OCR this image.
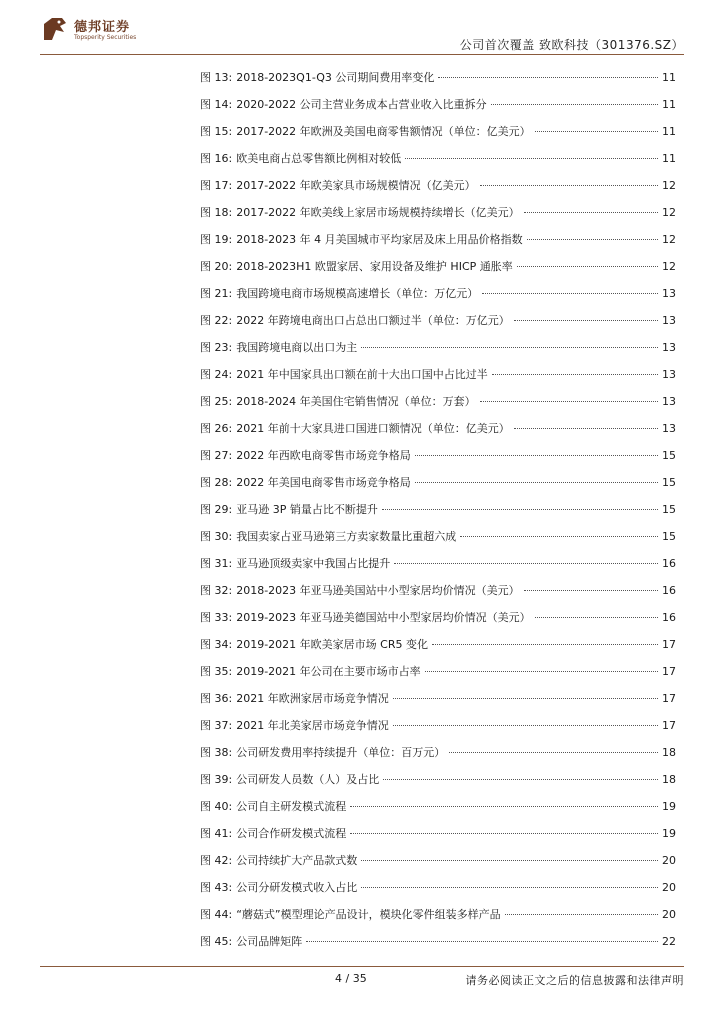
德邦证券
Topsperity Securities
公司首次覆盖 致欧科技（301376.SZ）
图 13: 2018-2023Q1-Q3 公司期间费用率变化	11
图 14: 2020-2022 公司主营业务成本占营业收入比重拆分	11
图 15: 2017-2022 年欧洲及美国电商零售额情况（单位：亿美元）	11
图 16: 欧美电商占总零售额比例相对较低	11
图 17: 2017-2022 年欧美家具市场规模情况（亿美元）	12
图 18: 2017-2022 年欧美线上家居市场规模持续增长（亿美元）	12
图 19: 2018-2023 年 4 月美国城市平均家居及床上用品价格指数	12
图 20: 2018-2023H1 欧盟家居、家用设备及维护 HICP 通胀率	12
图 21: 我国跨境电商市场规模高速增长（单位：万亿元）	13
图 22: 2022 年跨境电商出口占总出口额过半（单位：万亿元）	13
图 23: 我国跨境电商以出口为主	13
图 24: 2021 年中国家具出口额在前十大出口国中占比过半	13
图 25: 2018-2024 年美国住宅销售情况（单位：万套）	13
图 26: 2021 年前十大家具进口国进口额情况（单位：亿美元）	13
图 27: 2022 年西欧电商零售市场竞争格局	15
图 28: 2022 年美国电商零售市场竞争格局	15
图 29: 亚马逊 3P 销量占比不断提升	15
图 30: 我国卖家占亚马逊第三方卖家数量比重超六成	15
图 31: 亚马逊顶级卖家中我国占比提升	16
图 32: 2018-2023 年亚马逊美国站中小型家居均价情况（美元）	16
图 33: 2019-2023 年亚马逊美德国站中小型家居均价情况（美元）	16
图 34: 2019-2021 年欧美家居市场 CR5 变化	17
图 35: 2019-2021 年公司在主要市场市占率	17
图 36: 2021 年欧洲家居市场竞争情况	17
图 37: 2021 年北美家居市场竞争情况	17
图 38: 公司研发费用率持续提升（单位：百万元）	18
图 39: 公司研发人员数（人）及占比	18
图 40: 公司自主研发模式流程	19
图 41: 公司合作研发模式流程	19
图 42: 公司持续扩大产品款式数	20
图 43: 公司分研发模式收入占比	20
图 44: “蘑菇式”模型理论产品设计，模块化零件组装多样产品	20
图 45: 公司品牌矩阵	22
4 / 35	请务必阅读正文之后的信息披露和法律声明
